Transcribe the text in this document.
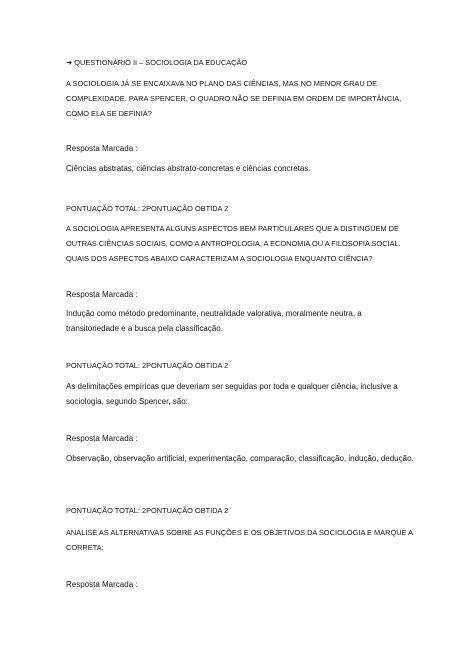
➜ QUESTIONÁRIO II – SOCIOLOGIA DA EDUCAÇÃO

A SOCIOLOGIA JÁ SE ENCAIXAVA NO PLANO DAS CIÊNCIAS, MAS NO MENOR GRAU DE COMPLEXIDADE. PARA SPENCER, O QUADRO NÃO SE DEFINIA EM ORDEM DE IMPORTÂNCIA, COMO ELA SE DEFINIA?

Resposta Marcada :

Ciências abstratas, ciências abstrato-concretas e ciências concretas.

PONTUAÇÃO TOTAL: 2PONTUAÇÃO OBTIDA 2

A SOCIOLOGIA APRESENTA ALGUNS ASPECTOS BEM PARTICULARES QUE A DISTINGUEM DE OUTRAS CIÊNCIAS SOCIAIS, COMO A ANTROPOLOGIA, A ECONOMIA OU A FILOSOFIA SOCIAL. QUAIS DOS ASPECTOS ABAIXO CARACTERIZAM A SOCIOLOGIA ENQUANTO CIÊNCIA?

Resposta Marcada :

Indução como método predominante, neutralidade valorativa, moralmente neutra, a transitoriedade e a busca pela classificação.

PONTUAÇÃO TOTAL: 2PONTUAÇÃO OBTIDA 2

As delimitações empíricas que deveriam ser seguidas por toda e qualquer ciência, inclusive a sociologia, segundo Spencer, são:

Resposta Marcada :

Observação, observação artificial, experimentação, comparação, classificação, indução, dedução.

PONTUAÇÃO TOTAL: 2PONTUAÇÃO OBTIDA 2

ANALISE AS ALTERNATIVAS SOBRE AS FUNÇÕES E OS OBJETIVOS DA SOCIOLOGIA E MARQUE A CORRETA:

Resposta Marcada :
